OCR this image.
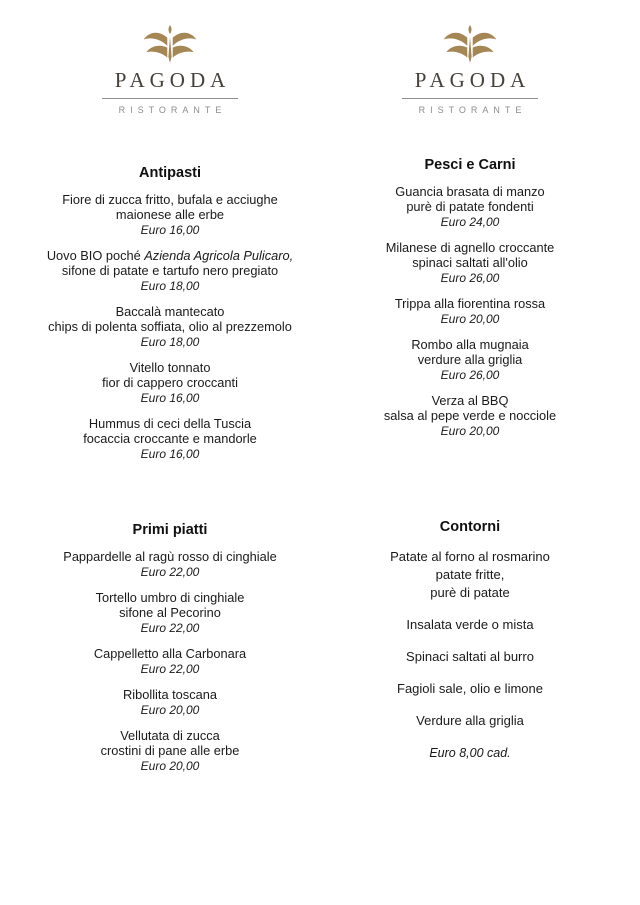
PAGODA
RISTORANTE
Antipasti
Fiore di zucca fritto, bufala e acciughe
maionese alle erbe
Euro 16,00
Uovo BIO poché Azienda Agricola Pulicaro,
sifone di patate e tartufo nero pregiato
Euro 18,00
Baccalà mantecato
chips di polenta soffiata, olio al prezzemolo
Euro 18,00
Vitello tonnato
fior di cappero croccanti
Euro 16,00
Hummus di ceci della Tuscia
focaccia croccante e mandorle
Euro 16,00
Primi piatti
Pappardelle al ragù rosso di cinghiale
Euro 22,00
Tortello umbro di cinghiale
sifone al Pecorino
Euro 22,00
Cappelletto alla Carbonara
Euro 22,00
Ribollita toscana
Euro 20,00
Vellutata di zucca
crostini di pane alle erbe
Euro 20,00
PAGODA
RISTORANTE
Pesci e Carni
Guancia brasata di manzo
purè di patate fondenti
Euro 24,00
Milanese di agnello croccante
spinaci saltati all'olio
Euro 26,00
Trippa alla fiorentina rossa
Euro 20,00
Rombo alla mugnaia
verdure alla griglia
Euro 26,00
Verza al BBQ
salsa al pepe verde e nocciole
Euro 20,00
Contorni
Patate al forno al rosmarino
patate fritte,
purè di patate
Insalata verde o mista
Spinaci saltati al burro
Fagioli sale, olio e limone
Verdure alla griglia
Euro 8,00 cad.
